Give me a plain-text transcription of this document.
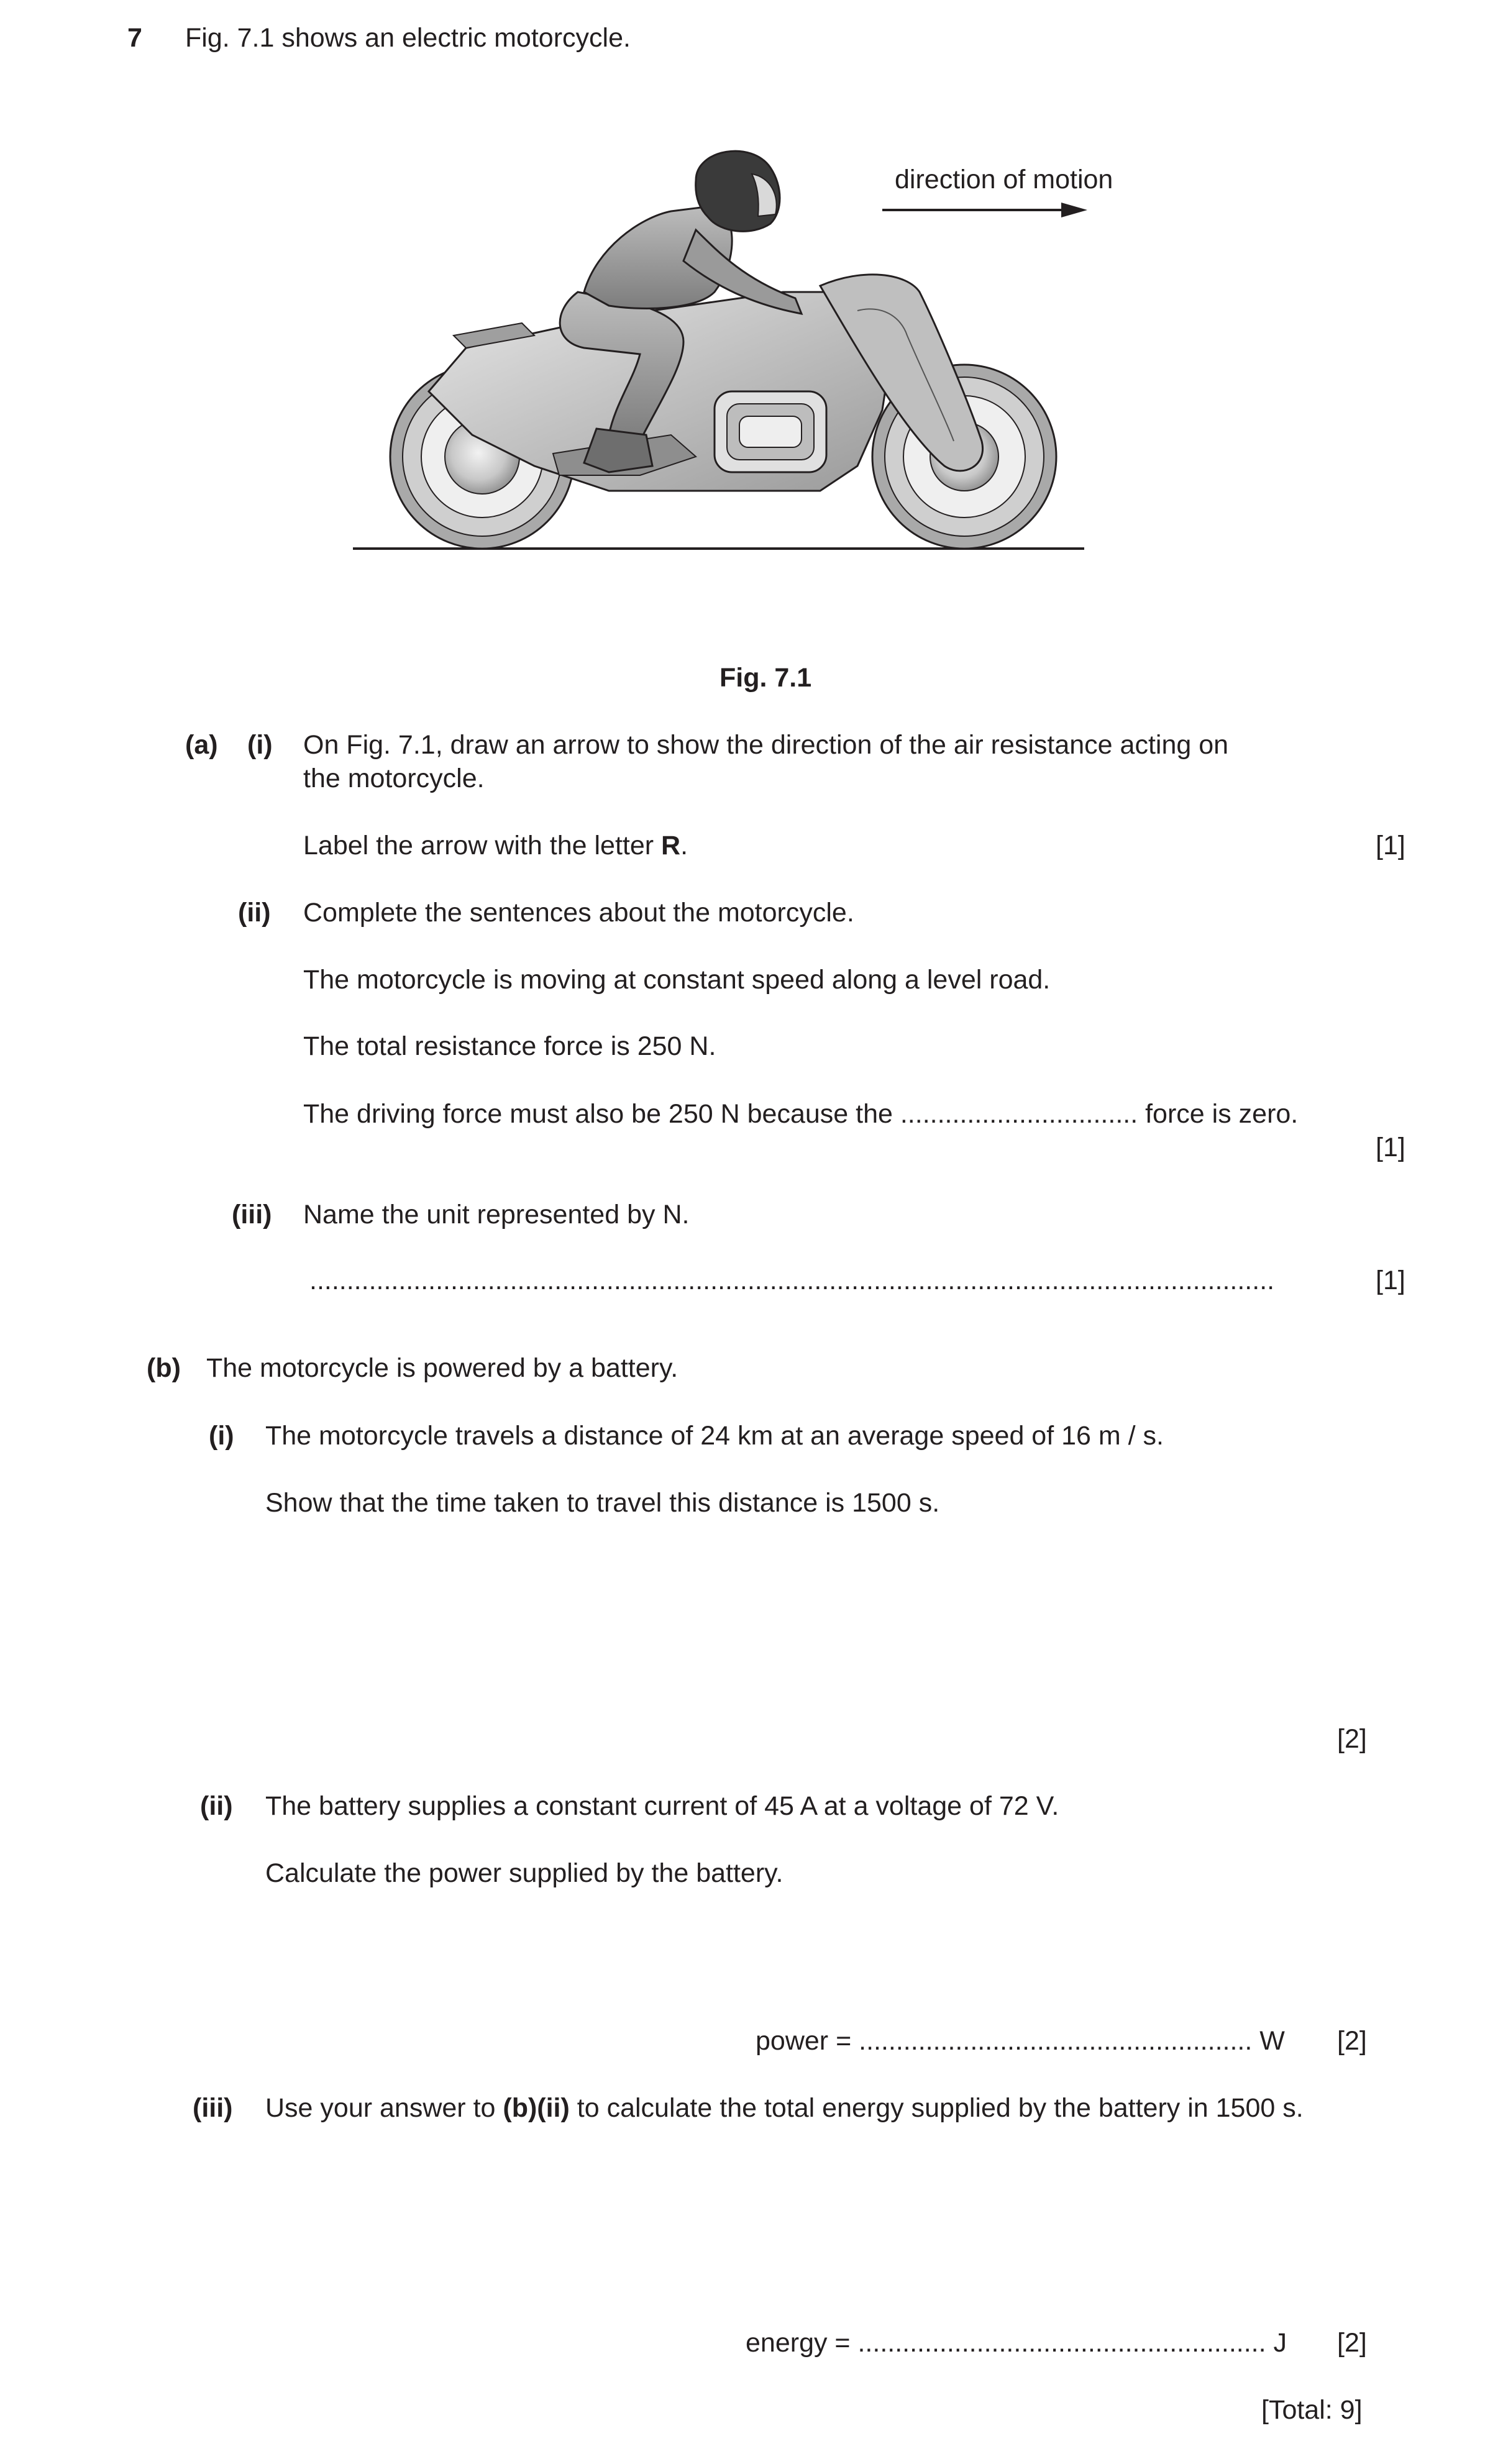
7 Fig. 7.1 shows an electric motorcycle.
direction of motion
Fig. 7.1
(a) (i) On Fig. 7.1, draw an arrow to show the direction of the air resistance acting on
the motorcycle.
Label the arrow with the letter R.	[1]
(ii) Complete the sentences about the motorcycle.
The motorcycle is moving at constant speed along a level road.
The total resistance force is 250 N.
The driving force must also be 250 N because the ................................ force is zero.
[1]
(iii) Name the unit represented by N.
..................................................................................................................................	[1]
(b) The motorcycle is powered by a battery.
(i) The motorcycle travels a distance of 24 km at an average speed of 16 m / s.
Show that the time taken to travel this distance is 1500 s.
[2]
(ii) The battery supplies a constant current of 45 A at a voltage of 72 V.
Calculate the power supplied by the battery.
power = ..................................................... W [2]
(iii) Use your answer to (b)(ii) to calculate the total energy supplied by the battery in 1500 s.
energy = ....................................................... J [2]
[Total: 9]
